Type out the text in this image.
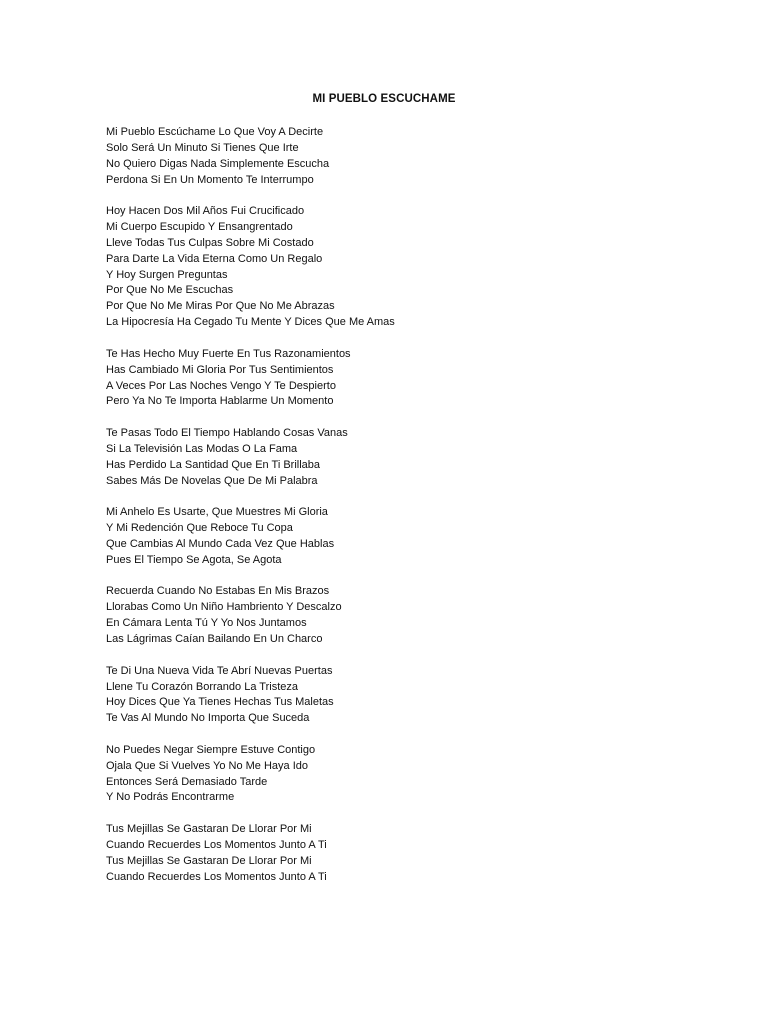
MI PUEBLO ESCUCHAME
Mi Pueblo Escúchame Lo Que Voy A Decirte
Solo Será Un Minuto Si Tienes Que Irte
No Quiero Digas Nada Simplemente Escucha
Perdona Si En Un Momento Te Interrumpo
Hoy Hacen Dos Mil Años Fui Crucificado
Mi Cuerpo Escupido Y Ensangrentado
Lleve Todas Tus Culpas Sobre Mi Costado
Para Darte La Vida Eterna Como Un Regalo
Y Hoy Surgen Preguntas
Por Que No Me Escuchas
Por Que No Me Miras Por Que No Me Abrazas
La Hipocresía Ha Cegado Tu Mente Y Dices Que Me Amas
Te Has Hecho Muy Fuerte En Tus Razonamientos
Has Cambiado Mi Gloria Por Tus Sentimientos
A Veces Por Las Noches Vengo Y Te Despierto
Pero Ya No Te Importa Hablarme Un Momento
Te Pasas Todo El Tiempo Hablando Cosas Vanas
Si La Televisión Las Modas O La Fama
Has Perdido La Santidad Que En Ti Brillaba
Sabes Más De Novelas Que De Mi Palabra
Mi Anhelo Es Usarte, Que Muestres Mi Gloria
Y Mi Redención Que Reboce Tu Copa
Que Cambias Al Mundo Cada Vez Que Hablas
Pues El Tiempo Se Agota, Se Agota
Recuerda Cuando No Estabas En Mis Brazos
Llorabas Como Un Niño Hambriento Y Descalzo
En Cámara Lenta Tú Y Yo Nos Juntamos
Las Lágrimas Caían Bailando En Un Charco
Te Di Una Nueva Vida Te Abrí Nuevas Puertas
Llene Tu Corazón Borrando La Tristeza
Hoy Dices Que Ya Tienes Hechas Tus Maletas
Te Vas Al Mundo No Importa Que Suceda
No Puedes Negar Siempre Estuve Contigo
Ojala Que Si Vuelves Yo No Me Haya Ido
Entonces Será Demasiado Tarde
Y No Podrás Encontrarme
Tus Mejillas Se Gastaran De Llorar Por Mi
Cuando Recuerdes Los Momentos Junto A Ti
Tus Mejillas Se Gastaran De Llorar Por Mi
Cuando Recuerdes Los Momentos Junto A Ti
